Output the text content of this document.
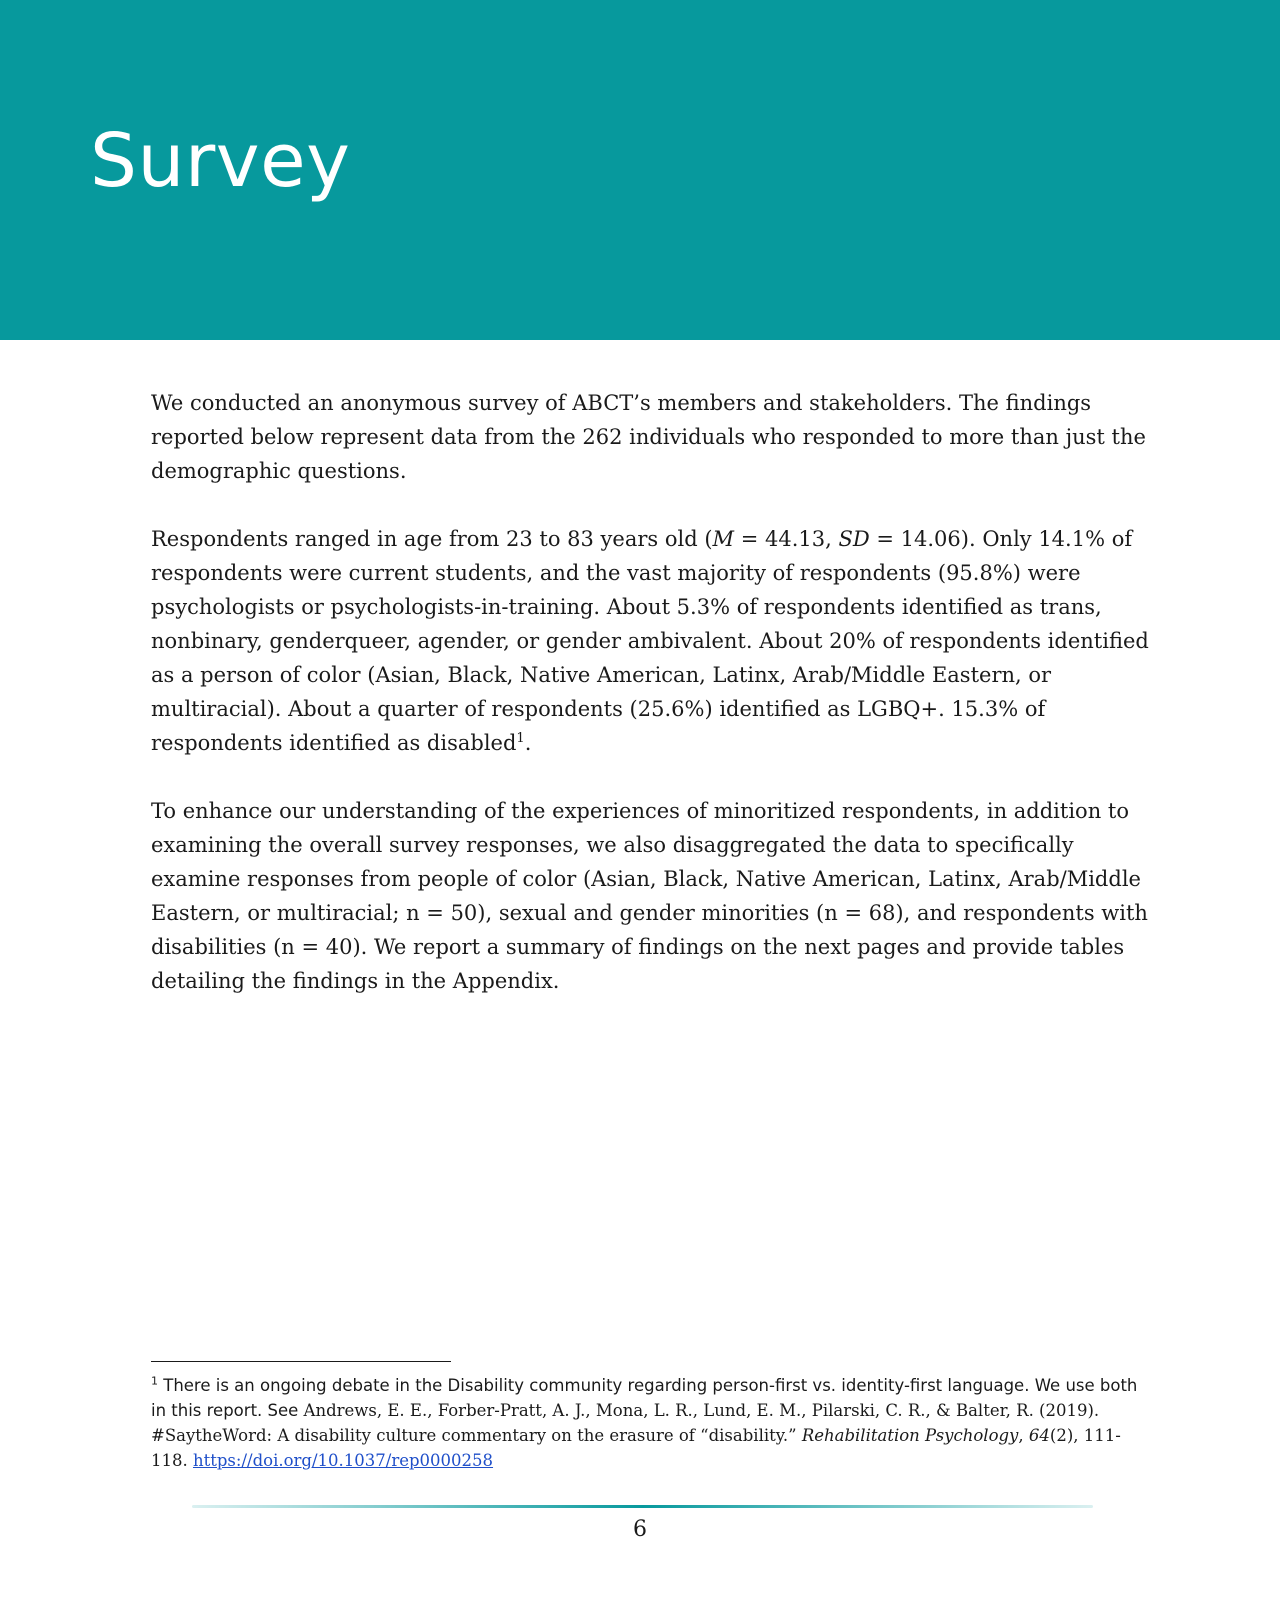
Survey

We conducted an anonymous survey of ABCT’s members and stakeholders. The findings reported below represent data from the 262 individuals who responded to more than just the demographic questions.

Respondents ranged in age from 23 to 83 years old (M = 44.13, SD = 14.06). Only 14.1% of respondents were current students, and the vast majority of respondents (95.8%) were psychologists or psychologists-in-training. About 5.3% of respondents identified as trans, nonbinary, genderqueer, agender, or gender ambivalent. About 20% of respondents identified as a person of color (Asian, Black, Native American, Latinx, Arab/Middle Eastern, or multiracial). About a quarter of respondents (25.6%) identified as LGBQ+. 15.3% of respondents identified as disabled$^1$.

To enhance our understanding of the experiences of minoritized respondents, in addition to examining the overall survey responses, we also disaggregated the data to specifically examine responses from people of color (Asian, Black, Native American, Latinx, Arab/Middle Eastern, or multiracial; n = 50), sexual and gender minorities (n = 68), and respondents with disabilities (n = 40). We report a summary of findings on the next pages and provide tables detailing the findings in the Appendix.

$^1$ There is an ongoing debate in the Disability community regarding person-first vs. identity-first language. We use both in this report. See Andrews, E. E., Forber-Pratt, A. J., Mona, L. R., Lund, E. M., Pilarski, C. R., & Balter, R. (2019). #SaytheWord: A disability culture commentary on the erasure of “disability.” Rehabilitation Psychology, 64(2), 111-118. https://doi.org/10.1037/rep0000258

6
